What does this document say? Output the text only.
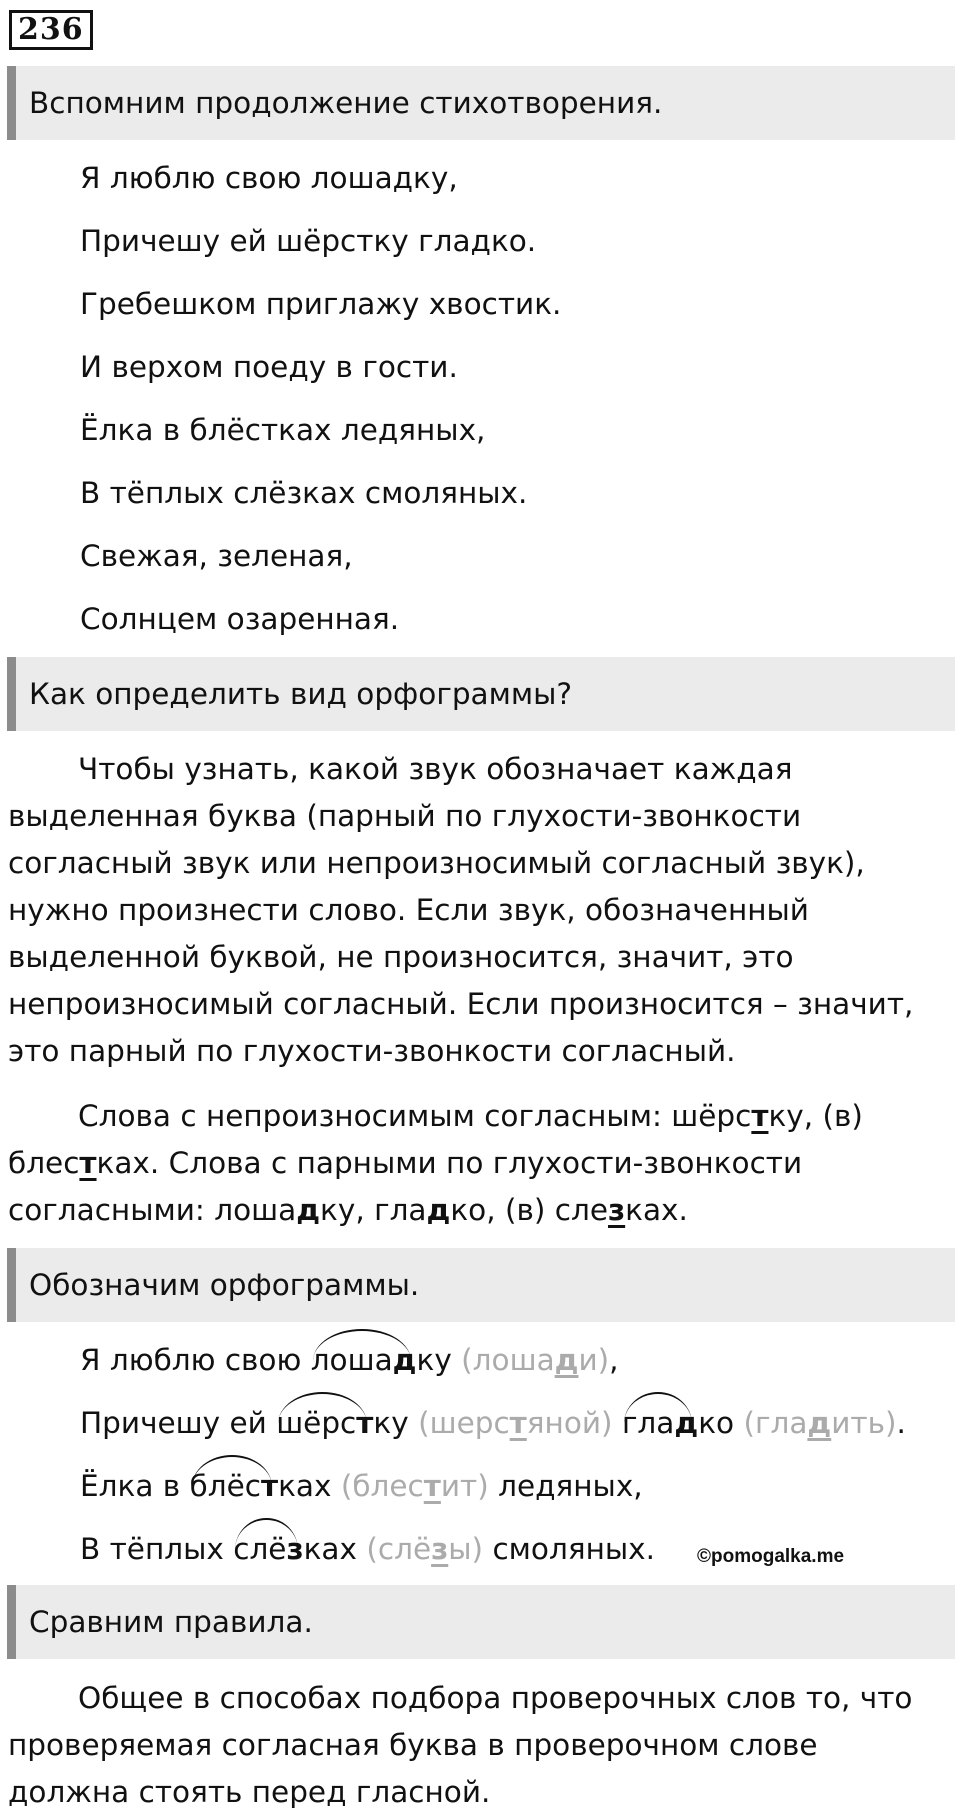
236
Вспомним продолжение стихотворения.
Я люблю свою лошадку,
Причешу ей шёрстку гладко.
Гребешком приглажу хвостик.
И верхом поеду в гости.
Ёлка в блёстках ледяных,
В тёплых слёзках смоляных.
Свежая, зеленая,
Солнцем озаренная.
Как определить вид орфограммы?
Чтобы узнать, какой звук обозначает каждая выделенная буква (парный по глухости-звонкости согласный звук или непроизносимый согласный звук), нужно произнести слово. Если звук, обозначенный выделенной буквой, не произносится, значит, это непроизносимый согласный. Если произносится – значит, это парный по глухости-звонкости согласный.
Слова с непроизносимым согласным: шёрстку, (в) блестках. Слова с парными по глухости-звонкости согласными: лошадку, гладко, (в) слезках.
Обозначим орфограммы.
Я люблю свою лошадку (лошади),
Причешу ей шёрстку (шерстяной) гладко (гладить).
Ёлка в блёстках (блестит) ледяных,
В тёплых слёзках (слёзы) смоляных. ©pomogalka.me
Сравним правила.
Общее в способах подбора проверочных слов то, что проверяемая согласная буква в проверочном слове должна стоять перед гласной.
